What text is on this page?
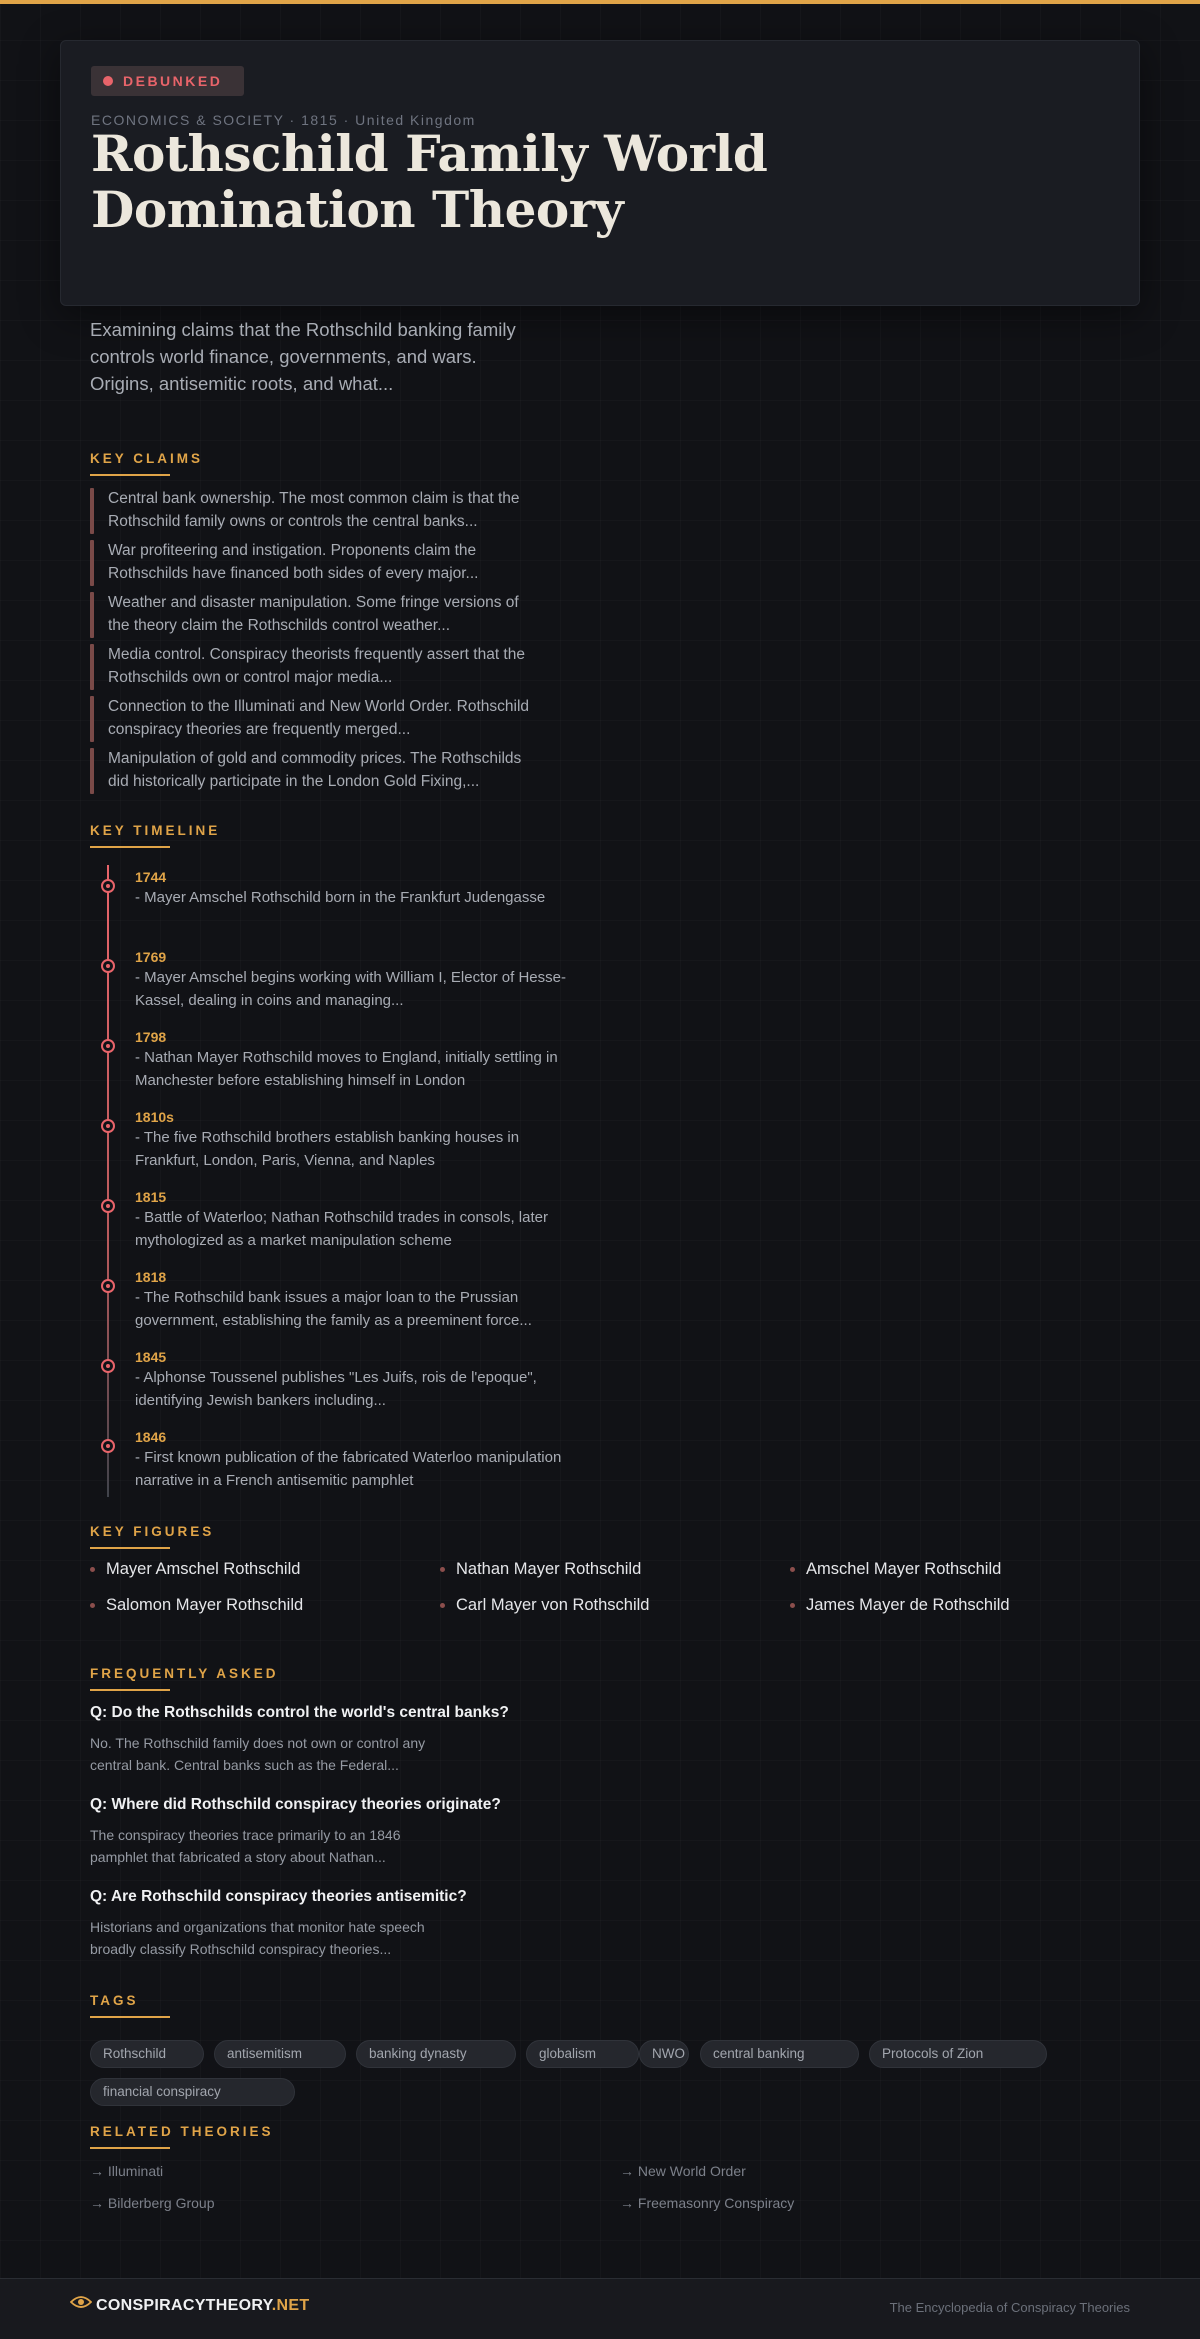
DEBUNKED
ECONOMICS & SOCIETY · 1815 · United Kingdom
Rothschild Family World Domination Theory

Examining claims that the Rothschild banking family controls world finance, governments, and wars. Origins, antisemitic roots, and what...

KEY CLAIMS

Central bank ownership. The most common claim is that the Rothschild family owns or controls the central banks...

War profiteering and instigation. Proponents claim the Rothschilds have financed both sides of every major...

Weather and disaster manipulation. Some fringe versions of the theory claim the Rothschilds control weather...

Media control. Conspiracy theorists frequently assert that the Rothschilds own or control major media...

Connection to the Illuminati and New World Order. Rothschild conspiracy theories are frequently merged...

Manipulation of gold and commodity prices. The Rothschilds did historically participate in the London Gold Fixing,...

KEY TIMELINE
1744

- Mayer Amschel Rothschild born in the Frankfurt Judengasse

1769

- Mayer Amschel begins working with William I, Elector of Hesse-Kassel, dealing in coins and managing...

1798

- Nathan Mayer Rothschild moves to England, initially settling in Manchester before establishing himself in London

1810s

- The five Rothschild brothers establish banking houses in Frankfurt, London, Paris, Vienna, and Naples

1815

- Battle of Waterloo; Nathan Rothschild trades in consols, later mythologized as a market manipulation scheme

1818

- The Rothschild bank issues a major loan to the Prussian government, establishing the family as a preeminent force...

1845

- Alphonse Toussenel publishes "Les Juifs, rois de l'epoque", identifying Jewish bankers including...

1846

- First known publication of the fabricated Waterloo manipulation narrative in a French antisemitic pamphlet

KEY FIGURES
Mayer Amschel Rothschild	Nathan Mayer Rothschild	Amschel Mayer Rothschild
Salomon Mayer Rothschild	Carl Mayer von Rothschild	James Mayer de Rothschild
FREQUENTLY ASKED

Q: Do the Rothschilds control the world's central banks?

No. The Rothschild family does not own or control any central bank. Central banks such as the Federal...

Q: Where did Rothschild conspiracy theories originate?

The conspiracy theories trace primarily to an 1846 pamphlet that fabricated a story about Nathan...

Q: Are Rothschild conspiracy theories antisemitic?

Historians and organizations that monitor hate speech broadly classify Rothschild conspiracy theories...

TAGS
Rothschild	antisemitism	banking dynasty	globalism	NWO	central banking	Protocols of Zion
financial conspiracy
RELATED THEORIES
→ Illuminati	→ New World Order
→ Bilderberg Group	→ Freemasonry Conspiracy
CONSPIRACYTHEORY.NET	The Encyclopedia of Conspiracy Theories
